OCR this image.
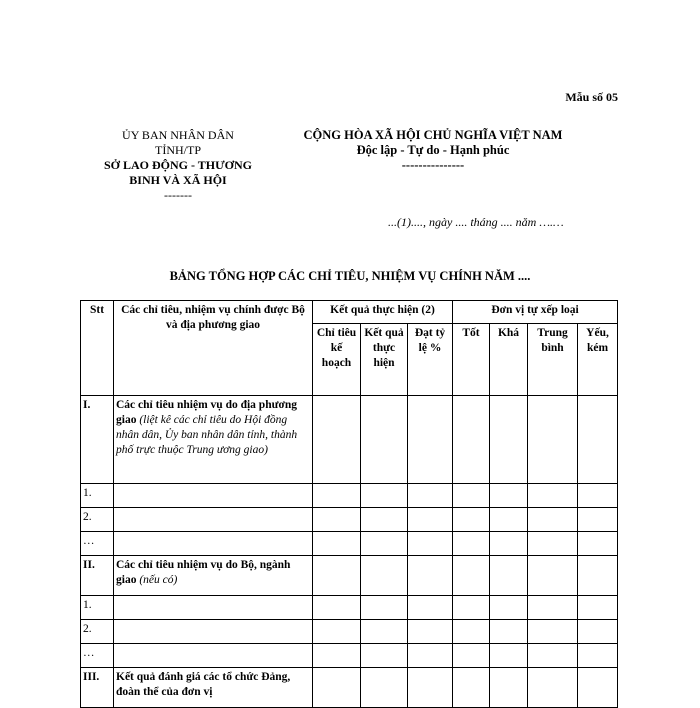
Mẫu số 05
ỦY BAN NHÂN DÂN
TỈNH/TP
SỞ LAO ĐỘNG - THƯƠNG
BINH VÀ XÃ HỘI
-------
CỘNG HÒA XÃ HỘI CHỦ NGHĨA VIỆT NAM
Độc lập - Tự do - Hạnh phúc
---------------
...(1)...., ngày .... tháng .... năm ….…
BẢNG TỔNG HỢP CÁC CHỈ TIÊU, NHIỆM VỤ CHÍNH NĂM ....
Stt	Các chỉ tiêu, nhiệm vụ chính được Bộ và địa phương giao	Kết quả thực hiện (2)			Đơn vị tự xếp loại			
		Chỉ tiêu kế hoạch	Kết quả thực hiện	Đạt tỷ lệ %	Tốt	Khá	Trung bình	Yếu, kém
I.	Các chỉ tiêu nhiệm vụ do địa phương giao (liệt kê các chỉ tiêu do Hội đồng nhân dân, Ủy ban nhân dân tỉnh, thành phố trực thuộc Trung ương giao)							
1.								
2.								
…								
II.	Các chỉ tiêu nhiệm vụ do Bộ, ngành giao (nếu có)							
1.								
2.								
…								
III.	Kết quả đánh giá các tổ chức Đảng, đoàn thể của đơn vị							
